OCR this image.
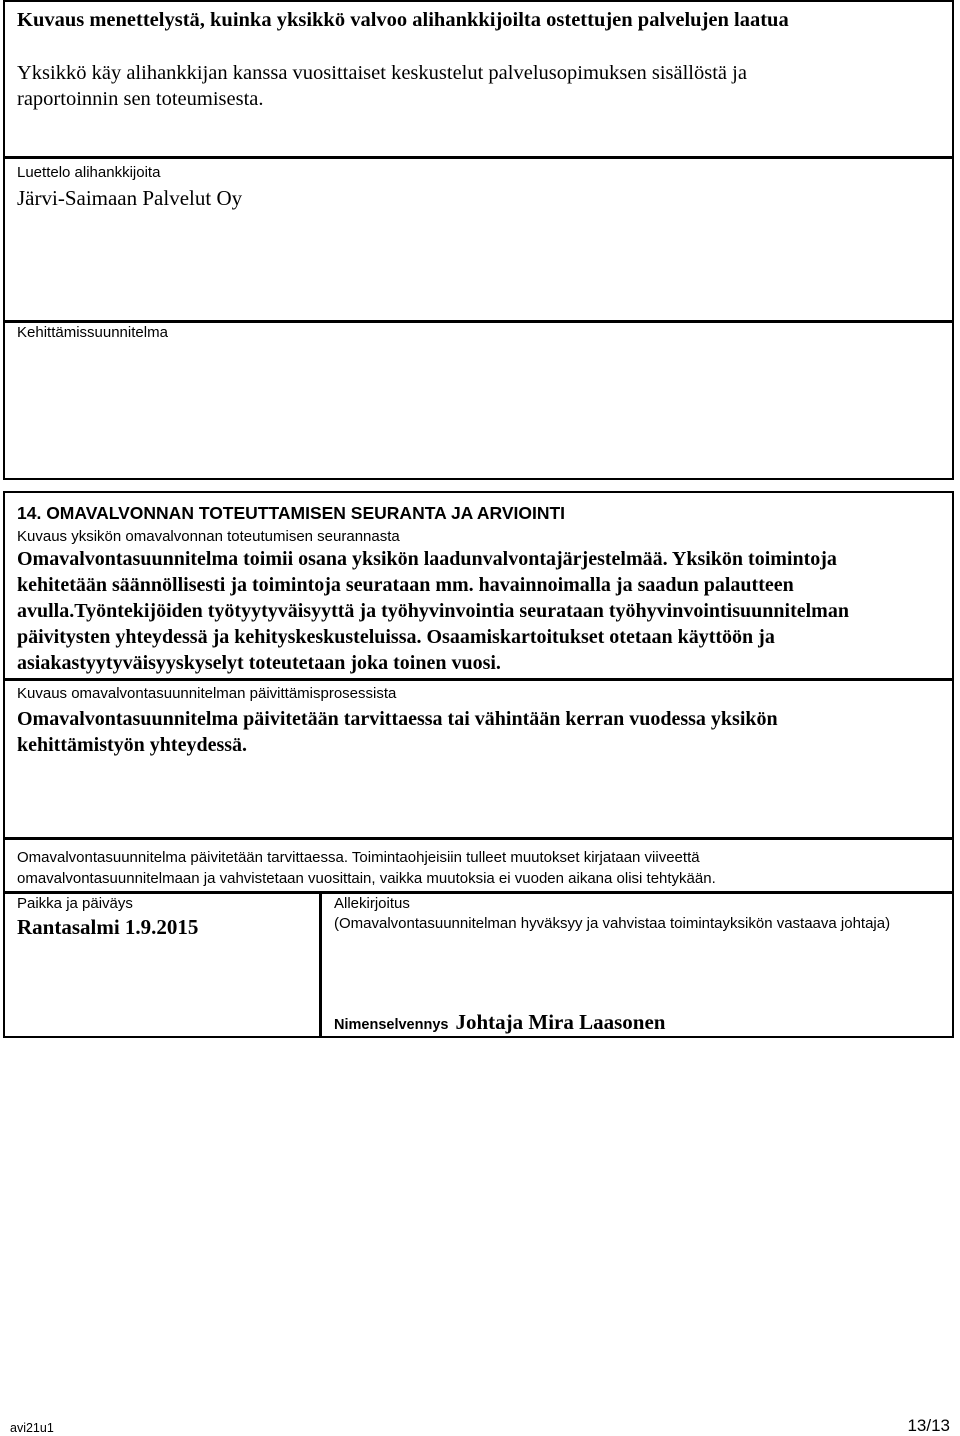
Kuvaus menettelystä, kuinka yksikkö valvoo alihankkijoilta ostettujen palvelujen laatua
Yksikkö käy alihankkijan kanssa vuosittaiset keskustelut palvelusopimuksen sisällöstä ja
raportoinnin sen toteumisesta.
Luettelo alihankkijoita
Järvi-Saimaan Palvelut Oy
Kehittämissuunnitelma
14. OMAVALVONNAN TOTEUTTAMISEN SEURANTA JA ARVIOINTI
Kuvaus yksikön omavalvonnan toteutumisen seurannasta
Omavalvontasuunnitelma toimii osana yksikön laadunvalvontajärjestelmää. Yksikön toimintoja
kehitetään säännöllisesti ja toimintoja seurataan mm. havainnoimalla ja saadun palautteen
avulla.Työntekijöiden työtyytyväisyyttä ja työhyvinvointia seurataan työhyvinvointisuunnitelman
päivitysten yhteydessä ja kehityskeskusteluissa. Osaamiskartoitukset otetaan käyttöön ja
asiakastyytyväisyyskyselyt toteutetaan joka toinen vuosi.
Kuvaus omavalvontasuunnitelman päivittämisprosessista
Omavalvontasuunnitelma päivitetään tarvittaessa tai vähintään kerran vuodessa yksikön
kehittämistyön yhteydessä.
Omavalvontasuunnitelma päivitetään tarvittaessa. Toimintaohjeisiin tulleet muutokset kirjataan viiveettä
omavalvontasuunnitelmaan ja vahvistetaan vuosittain, vaikka muutoksia ei vuoden aikana olisi tehtykään.
Paikka ja päiväys
Rantasalmi 1.9.2015
Allekirjoitus
(Omavalvontasuunnitelman hyväksyy ja vahvistaa toimintayksikön vastaava johtaja)
Nimenselvennys Johtaja Mira Laasonen
avi21u1	13/13
